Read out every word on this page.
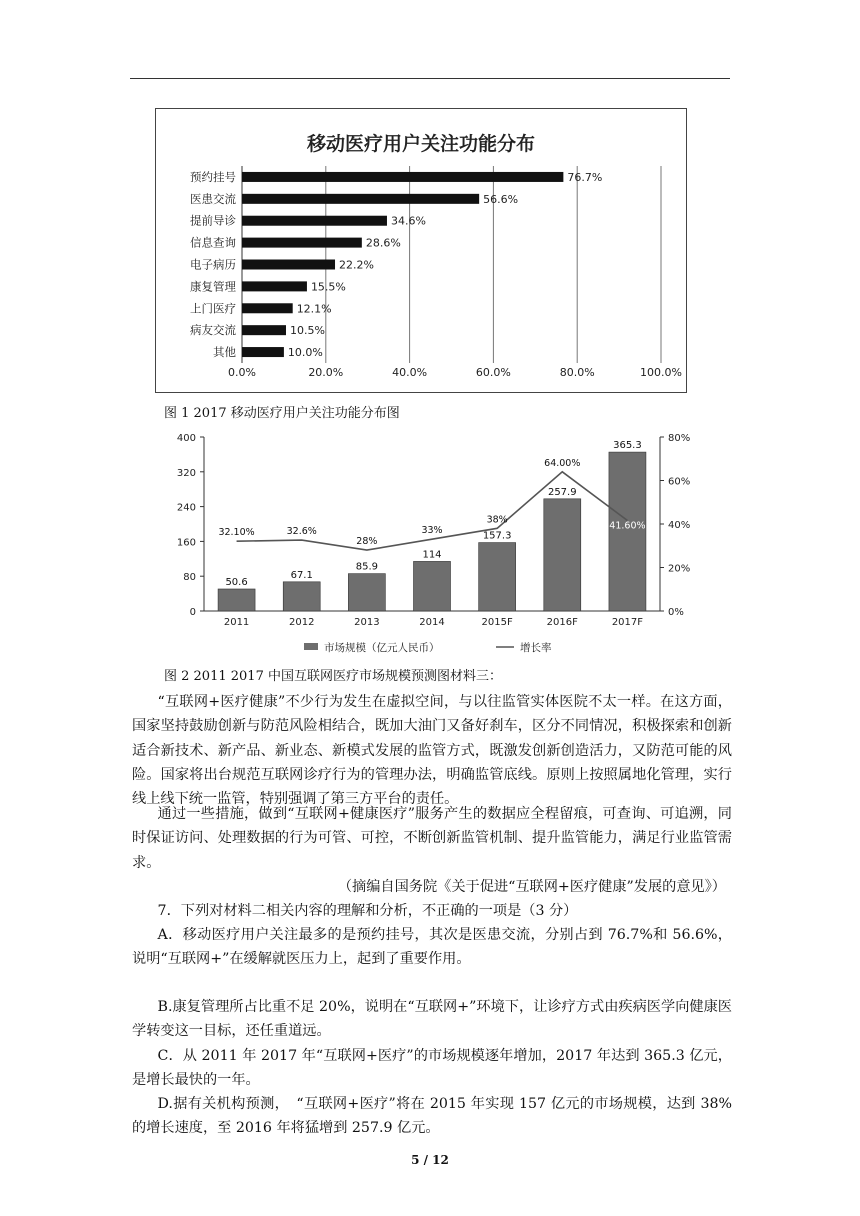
移动医疗用户关注功能分布
预约挂号	76.7%
医患交流	56.6%
提前导诊	34.6%
信息查询	28.6%
电子病历	22.2%
康复管理	15.5%
上门医疗	12.1%
病友交流	10.5%
其他	10.0%
0.0%	20.0%	40.0%	60.0%	80.0%	100.0%
图 1 2017 移动医疗用户关注功能分布图
0
80
160
240
320
400
0%
20%
40%
60%
80%
50.6
2011
67.1
2012
85.9
2013
114
2014
157.3
2015F
257.9
2016F
365.3
2017F
32.10%	32.6%
28%
33%
38%
64.00%
41.60%
市场规模（亿元人民币）	增长率
图 2 2011 2017 中国互联网医疗市场规模预测图材料三：

“互联网+医疗健康”不少行为发生在虚拟空间，与以往监管实体医院不太一样。在这方面，国家坚持鼓励创新与防范风险相结合，既加大油门又备好刹车，区分不同情况，积极探索和创新适合新技术、新产品、新业态、新模式发展的监管方式，既激发创新创造活力，又防范可能的风险。国家将出台规范互联网诊疗行为的管理办法，明确监管底线。原则上按照属地化管理，实行线上线下统一监管，特别强调了第三方平台的责任。

通过一些措施，做到“互联网+健康医疗”服务产生的数据应全程留痕，可查询、可追溯，同时保证访问、处理数据的行为可管、可控，不断创新监管机制、提升监管能力，满足行业监管需求。

（摘编自国务院《关于促进“互联网+医疗健康”发展的意见》）

7．下列对材料二相关内容的理解和分析，不正确的一项是（3 分）

A．移动医疗用户关注最多的是预约挂号，其次是医患交流，分别占到 76.7%和 56.6%，说明“互联网+”在缓解就医压力上，起到了重要作用。

B.康复管理所占比重不足 20%，说明在“互联网+”环境下，让诊疗方式由疾病医学向健康医学转变这一目标，还任重道远。

C．从 2011 年 2017 年“互联网+医疗”的市场规模逐年增加，2017 年达到 365.3 亿元，是增长最快的一年。

D.据有关机构预测，　“互联网+医疗”将在 2015 年实现 157 亿元的市场规模，达到 38%的增长速度，至 2016 年将猛增到 257.9 亿元。

5 / 12
